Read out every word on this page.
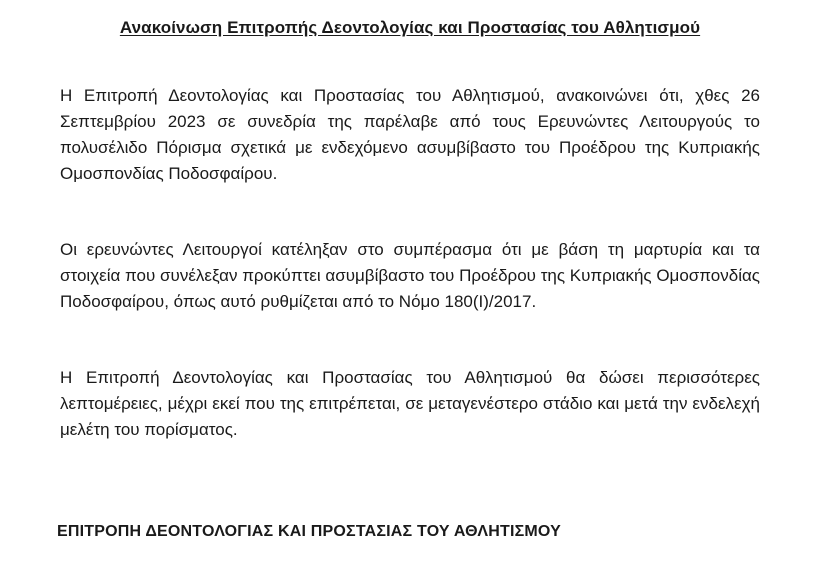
Ανακοίνωση Επιτροπής Δεοντολογίας και Προστασίας του Αθλητισμού

Η Επιτροπή Δεοντολογίας και Προστασίας του Αθλητισμού, ανακοινώνει ότι, χθες 26 Σεπτεμβρίου 2023 σε συνεδρία της παρέλαβε από τους Ερευνώντες Λειτουργούς το πολυσέλιδο Πόρισμα σχετικά με ενδεχόμενο ασυμβίβαστο του Προέδρου της Κυπριακής Ομοσπονδίας Ποδοσφαίρου.

Οι ερευνώντες Λειτουργοί κατέληξαν στο συμπέρασμα ότι με βάση τη μαρτυρία και τα στοιχεία που συνέλεξαν προκύπτει ασυμβίβαστο του Προέδρου της Κυπριακής Ομοσπονδίας Ποδοσφαίρου, όπως αυτό ρυθμίζεται από το Νόμο 180(I)/2017.

Η Επιτροπή Δεοντολογίας και Προστασίας του Αθλητισμού θα δώσει περισσότερες λεπτομέρειες, μέχρι εκεί που της επιτρέπεται, σε μεταγενέστερο στάδιο και μετά την ενδελεχή μελέτη του πορίσματος.

ΕΠΙΤΡΟΠΗ ΔΕΟΝΤΟΛΟΓΙΑΣ ΚΑΙ ΠΡΟΣΤΑΣΙΑΣ ΤΟΥ ΑΘΛΗΤΙΣΜΟΥ
